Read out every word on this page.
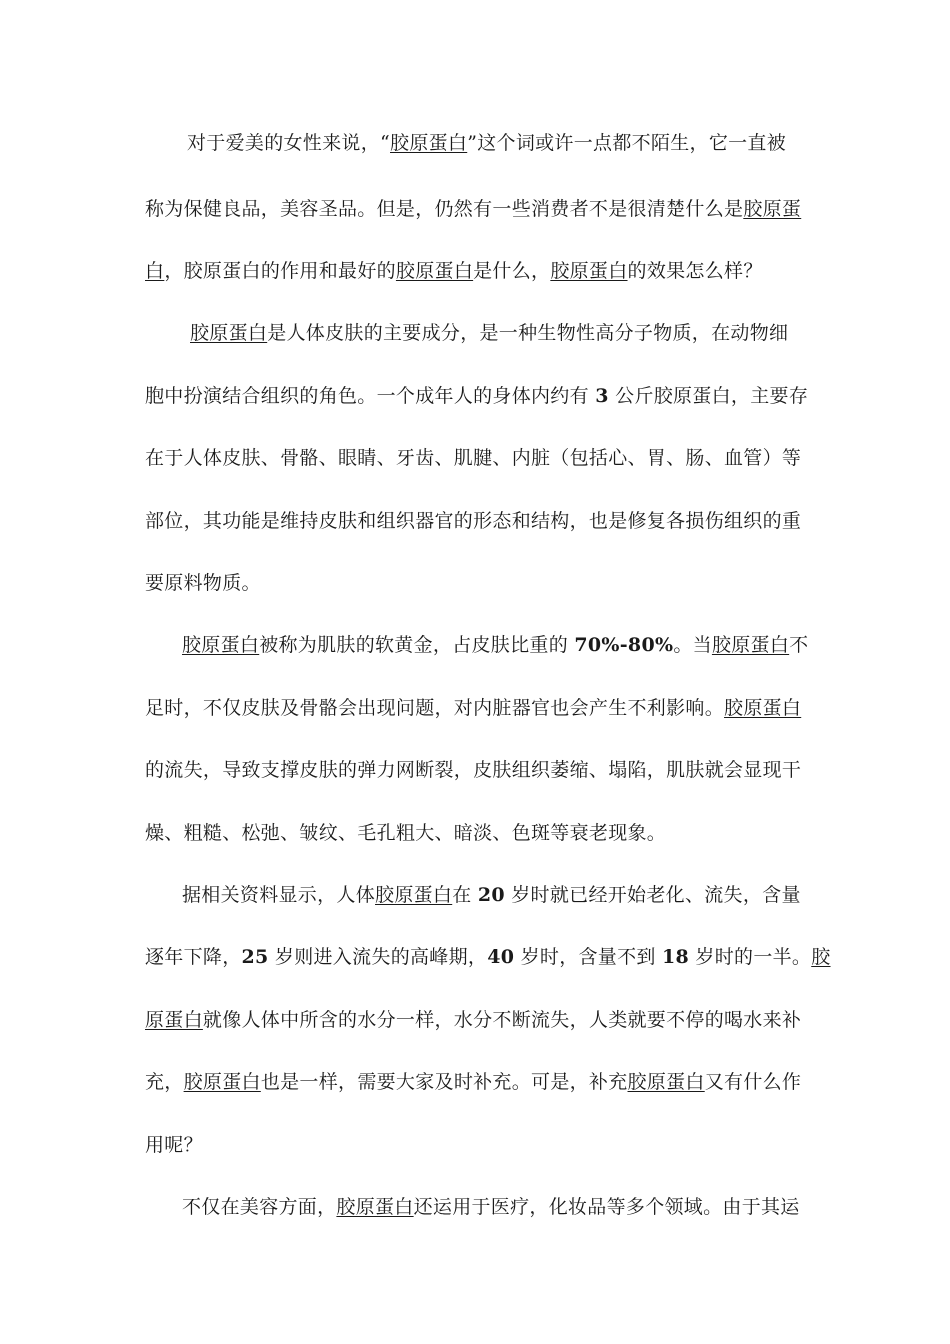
对于爱美的女性来说，“胶原蛋白”这个词或许一点都不陌生，它一直被
称为保健良品，美容圣品。但是，仍然有一些消费者不是很清楚什么是胶原蛋
白，胶原蛋白的作用和最好的胶原蛋白是什么，胶原蛋白的效果怎么样？
胶原蛋白是人体皮肤的主要成分，是一种生物性高分子物质，在动物细
胞中扮演结合组织的角色。一个成年人的身体内约有 3 公斤胶原蛋白，主要存
在于人体皮肤、骨骼、眼睛、牙齿、肌腱、内脏（包括心、胃、肠、血管）等
部位，其功能是维持皮肤和组织器官的形态和结构，也是修复各损伤组织的重
要原料物质。
胶原蛋白被称为肌肤的软黄金，占皮肤比重的 70%-80%。当胶原蛋白不
足时，不仅皮肤及骨骼会出现问题，对内脏器官也会产生不利影响。胶原蛋白
的流失，导致支撑皮肤的弹力网断裂，皮肤组织萎缩、塌陷，肌肤就会显现干
燥、粗糙、松弛、皱纹、毛孔粗大、暗淡、色斑等衰老现象。
据相关资料显示，人体胶原蛋白在 20 岁时就已经开始老化、流失，含量
逐年下降，25 岁则进入流失的高峰期，40 岁时，含量不到 18 岁时的一半。胶
原蛋白就像人体中所含的水分一样，水分不断流失，人类就要不停的喝水来补
充，胶原蛋白也是一样，需要大家及时补充。可是，补充胶原蛋白又有什么作
用呢？
不仅在美容方面，胶原蛋白还运用于医疗，化妆品等多个领域。由于其运
